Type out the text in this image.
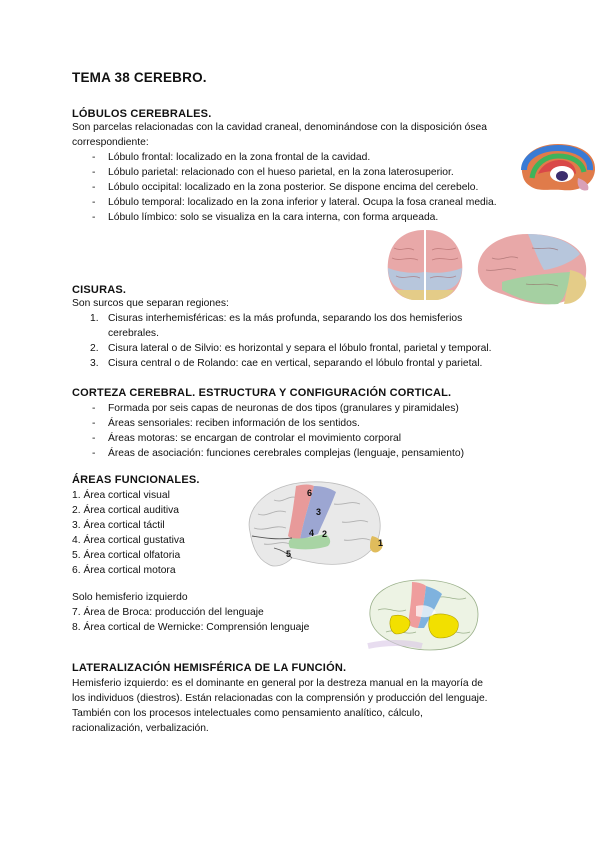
TEMA 38 CEREBRO.
LÓBULOS CEREBRALES.
Son parcelas relacionadas con la cavidad craneal, denominándose con la disposición ósea
correspondiente:
- Lóbulo frontal: localizado en la zona frontal de la cavidad.
- Lóbulo parietal: relacionado con el hueso parietal, en la zona laterosuperior.
- Lóbulo occipital: localizado en la zona posterior. Se dispone encima del cerebelo.
- Lóbulo temporal: localizado en la zona inferior y lateral. Ocupa la fosa craneal media.
- Lóbulo límbico: solo se visualiza en la cara interna, con forma arqueada.
CISURAS.
Son surcos que separan regiones:
1. Cisuras interhemisféricas: es la más profunda, separando los dos hemisferios
cerebrales.
2. Cisura lateral o de Silvio: es horizontal y separa el lóbulo frontal, parietal y temporal.
3. Cisura central o de Rolando: cae en vertical, separando el lóbulo frontal y parietal.
CORTEZA CEREBRAL. ESTRUCTURA Y CONFIGURACIÓN CORTICAL.
- Formada por seis capas de neuronas de dos tipos (granulares y piramidales)
- Áreas sensoriales: reciben información de los sentidos.
- Áreas motoras: se encargan de controlar el movimiento corporal
- Áreas de asociación: funciones cerebrales complejas (lenguaje, pensamiento)
ÁREAS FUNCIONALES.
1. Área cortical visual
2. Área cortical auditiva
3. Área cortical táctil
4. Área cortical gustativa
5. Área cortical olfatoria
6. Área cortical motora
6
3
4 2
5
1
Solo hemisferio izquierdo
7. Área de Broca: producción del lenguaje
8. Área cortical de Wernicke: Comprensión lenguaje
LATERALIZACIÓN HEMISFÉRICA DE LA FUNCIÓN.
Hemisferio izquierdo: es el dominante en general por la destreza manual en la mayoría de
los individuos (diestros). Están relacionadas con la comprensión y producción del lenguaje.
También con los procesos intelectuales como pensamiento analítico, cálculo,
racionalización, verbalización.
